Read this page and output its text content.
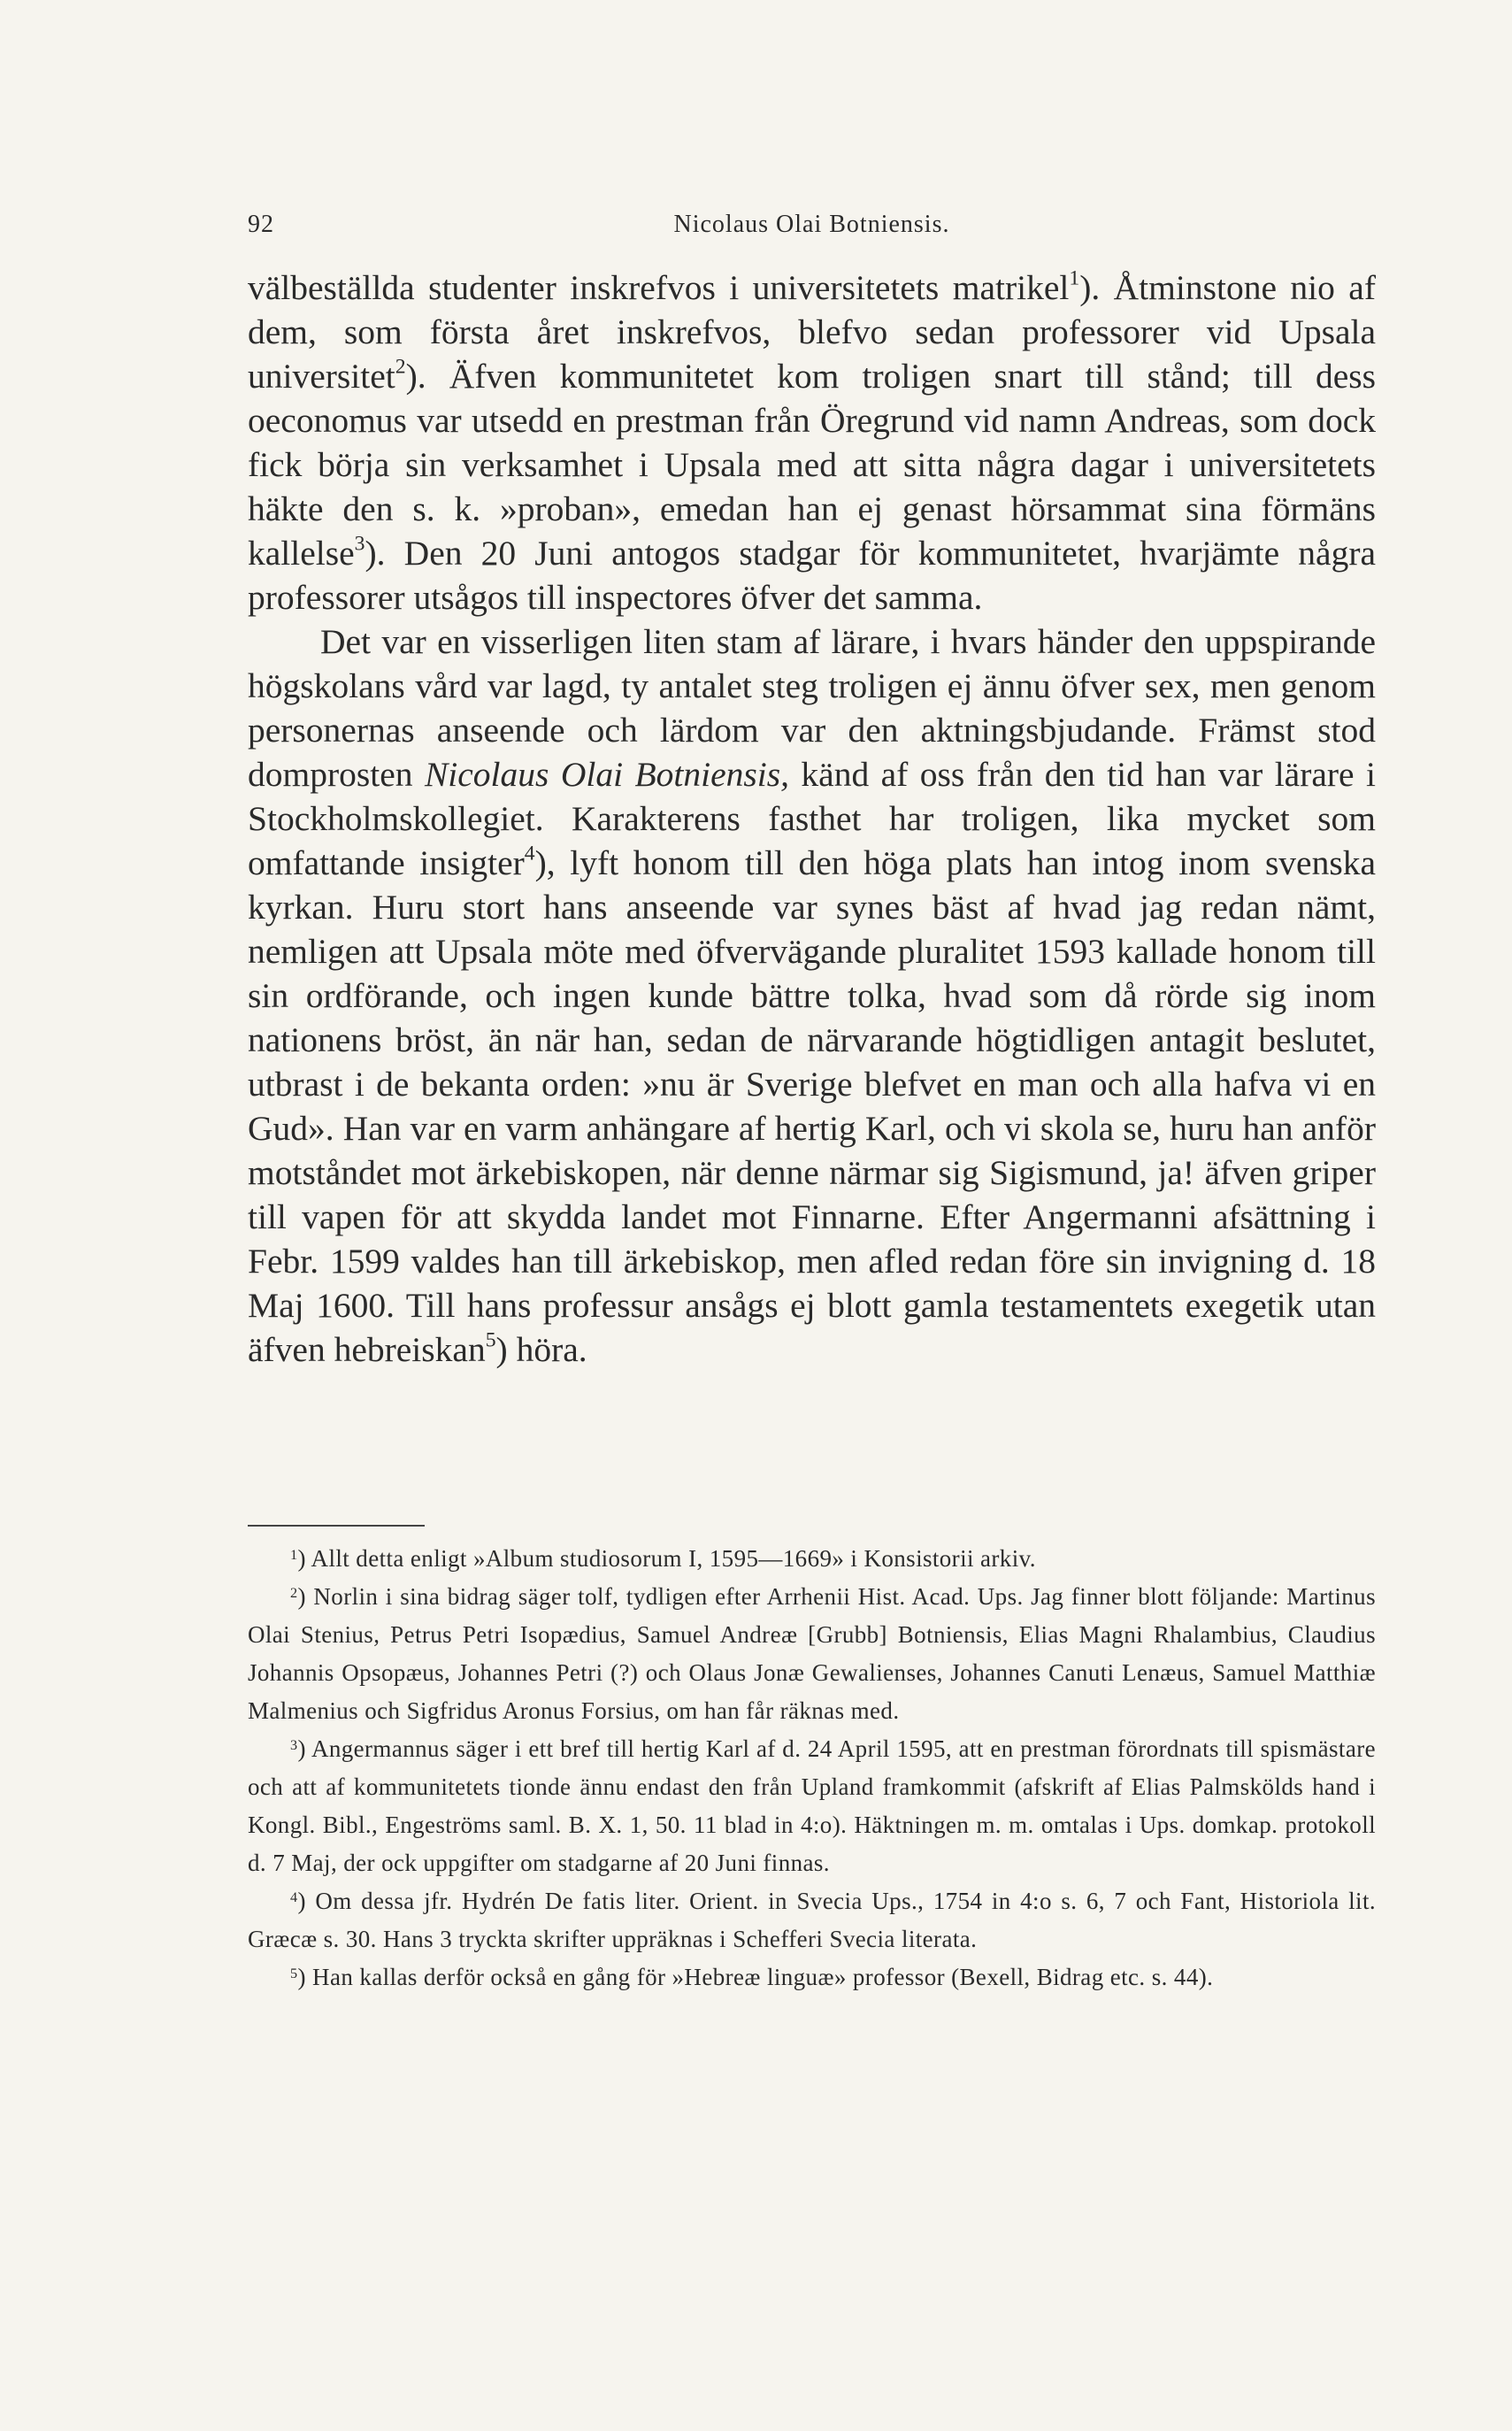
92	Nicolaus Olai Botniensis.

välbeställda studenter inskrefvos i universitetets matrikel$^1$). Åtminstone nio af dem, som första året inskrefvos, blefvo sedan professorer vid Upsala universitet$^2$). Äfven kommunitetet kom troligen snart till stånd; till dess oeconomus var utsedd en prestman från Öregrund vid namn Andreas, som dock fick börja sin verksamhet i Upsala med att sitta några dagar i universitetets häkte den s. k. »proban», emedan han ej genast hörsammat sina förmäns kallelse$^3$). Den 20 Juni antogos stadgar för kommunitetet, hvarjämte några professorer utsågos till inspectores öfver det samma.

Det var en visserligen liten stam af lärare, i hvars händer den uppspirande högskolans vård var lagd, ty antalet steg troligen ej ännu öfver sex, men genom personernas anseende och lärdom var den aktningsbjudande. Främst stod domprosten Nicolaus Olai Botniensis, känd af oss från den tid han var lärare i Stockholmskollegiet. Karakterens fasthet har troligen, lika mycket som omfattande insigter$^4$), lyft honom till den höga plats han intog inom svenska kyrkan. Huru stort hans anseende var synes bäst af hvad jag redan nämt, nemligen att Upsala möte med öfvervägande pluralitet 1593 kallade honom till sin ordförande, och ingen kunde bättre tolka, hvad som då rörde sig inom nationens bröst, än när han, sedan de närvarande högtidligen antagit beslutet, utbrast i de bekanta orden: »nu är Sverige blefvet en man och alla hafva vi en Gud». Han var en varm anhängare af hertig Karl, och vi skola se, huru han anför motståndet mot ärkebiskopen, när denne närmar sig Sigismund, ja! äfven griper till vapen för att skydda landet mot Finnarne. Efter Angermanni afsättning i Febr. 1599 valdes han till ärkebiskop, men afled redan före sin invigning d. 18 Maj 1600. Till hans professur ansågs ej blott gamla testamentets exegetik utan äfven hebreiskan$^5$) höra.

$^1$) Allt detta enligt »Album studiosorum I, 1595—1669» i Konsistorii arkiv.

$^2$) Norlin i sina bidrag säger tolf, tydligen efter Arrhenii Hist. Acad. Ups. Jag finner blott följande: Martinus Olai Stenius, Petrus Petri Isopædius, Samuel Andreæ [Grubb] Botniensis, Elias Magni Rhalambius, Claudius Johannis Opsopæus, Johannes Petri (?) och Olaus Jonæ Gewalienses, Johannes Canuti Lenæus, Samuel Matthiæ Malmenius och Sigfridus Aronus Forsius, om han får räknas med.

$^3$) Angermannus säger i ett bref till hertig Karl af d. 24 April 1595, att en prestman förordnats till spismästare och att af kommunitetets tionde ännu endast den från Upland framkommit (afskrift af Elias Palmskölds hand i Kongl. Bibl., Engeströms saml. B. X. 1, 50. 11 blad in 4:o). Häktningen m. m. omtalas i Ups. domkap. protokoll d. 7 Maj, der ock uppgifter om stadgarne af 20 Juni finnas.

$^4$) Om dessa jfr. Hydrén De fatis liter. Orient. in Svecia Ups., 1754 in 4:o s. 6, 7 och Fant, Historiola lit. Græcæ s. 30. Hans 3 tryckta skrifter uppräknas i Schefferi Svecia literata.

$^5$) Han kallas derför också en gång för »Hebreæ linguæ» professor (Bexell, Bidrag etc. s. 44).
